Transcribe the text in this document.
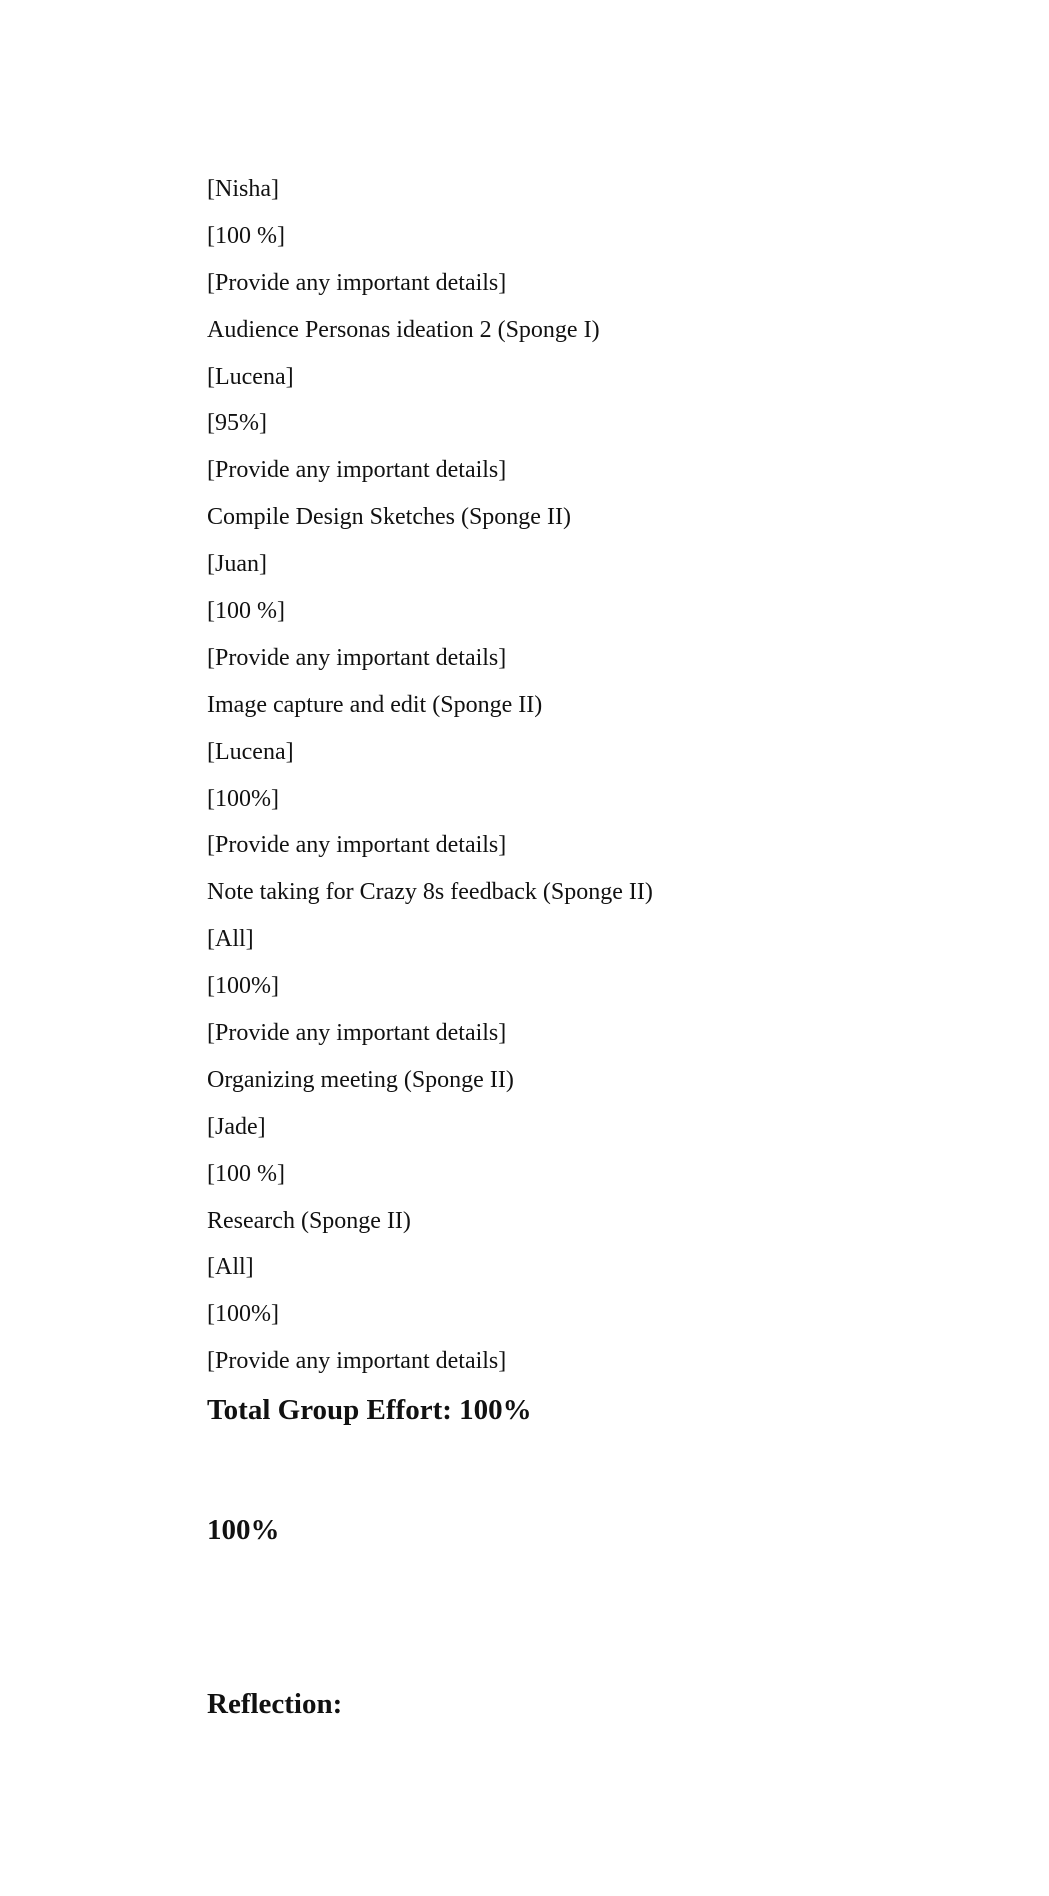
[Nisha]
[100 %]
[Provide any important details]
Audience Personas ideation 2 (Sponge I)
[Lucena]
[95%]
[Provide any important details]
Compile Design Sketches (Sponge II)
[Juan]
[100 %]
[Provide any important details]
Image capture and edit (Sponge II)
[Lucena]
[100%]
[Provide any important details]
Note taking for Crazy 8s feedback (Sponge II)
[All]
[100%]
[Provide any important details]
Organizing meeting (Sponge II)
[Jade]
[100 %]
Research (Sponge II)
[All]
[100%]
[Provide any important details]
Total Group Effort: 100%
100%
Reflection:
